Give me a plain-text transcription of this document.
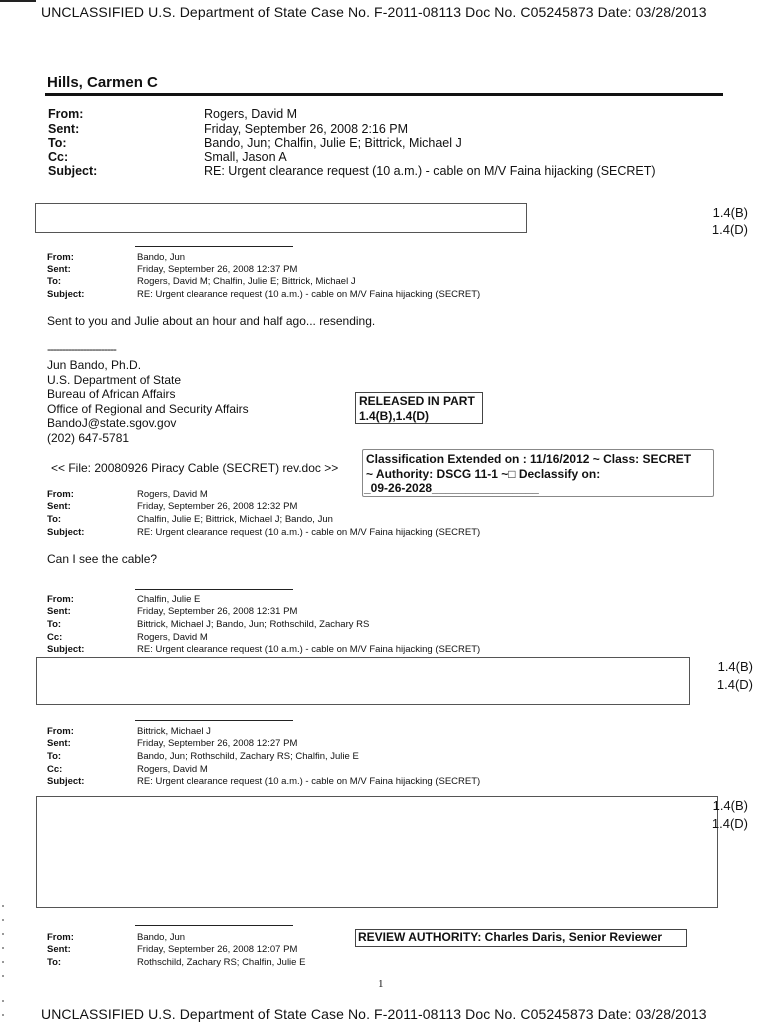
UNCLASSIFIED U.S. Department of State Case No. F-2011-08113 Doc No. C05245873 Date: 03/28/2013
Hills, Carmen C
From:	Rogers, David M
Sent:	Friday, September 26, 2008 2:16 PM
To:	Bando, Jun; Chalfin, Julie E; Bittrick, Michael J
Cc:	Small, Jason A
Subject:	RE: Urgent clearance request (10 a.m.) - cable on M/V Faina hijacking (SECRET)
1.4(B)
1.4(D)
From:	Bando, Jun
Sent:	Friday, September 26, 2008 12:37 PM
To:	Rogers, David M; Chalfin, Julie E; Bittrick, Michael J
Subject:	RE: Urgent clearance request (10 a.m.) - cable on M/V Faina hijacking (SECRET)
Sent to you and Julie about an hour and half ago... resending.
-----------------------
Jun Bando, Ph.D.
U.S. Department of State
Bureau of African Affairs
Office of Regional and Security Affairs
BandoJ@state.sgov.gov
(202) 647-5781
RELEASED IN PART
1.4(B),1.4(D)
<< File: 20080926 Piracy Cable (SECRET) rev.doc >>
Classification Extended on : 11/16/2012 ~ Class: SECRET
~ Authority: DSCG 11-1 ~□ Declassify on:
_09-26-2028________________
From:	Rogers, David M
Sent:	Friday, September 26, 2008 12:32 PM
To:	Chalfin, Julie E; Bittrick, Michael J; Bando, Jun
Subject:	RE: Urgent clearance request (10 a.m.) - cable on M/V Faina hijacking (SECRET)
Can I see the cable?
From:	Chalfin, Julie E
Sent:	Friday, September 26, 2008 12:31 PM
To:	Bittrick, Michael J; Bando, Jun; Rothschild, Zachary RS
Cc:	Rogers, David M
Subject:	RE: Urgent clearance request (10 a.m.) - cable on M/V Faina hijacking (SECRET)
1.4(B)
1.4(D)
From:	Bittrick, Michael J
Sent:	Friday, September 26, 2008 12:27 PM
To:	Bando, Jun; Rothschild, Zachary RS; Chalfin, Julie E
Cc:	Rogers, David M
Subject:	RE: Urgent clearance request (10 a.m.) - cable on M/V Faina hijacking (SECRET)
1.4(B)
1.4(D)
From:	Bando, Jun
Sent:	Friday, September 26, 2008 12:07 PM
To:	Rothschild, Zachary RS; Chalfin, Julie E
REVIEW AUTHORITY: Charles Daris, Senior Reviewer
1
UNCLASSIFIED U.S. Department of State Case No. F-2011-08113 Doc No. C05245873 Date: 03/28/2013
